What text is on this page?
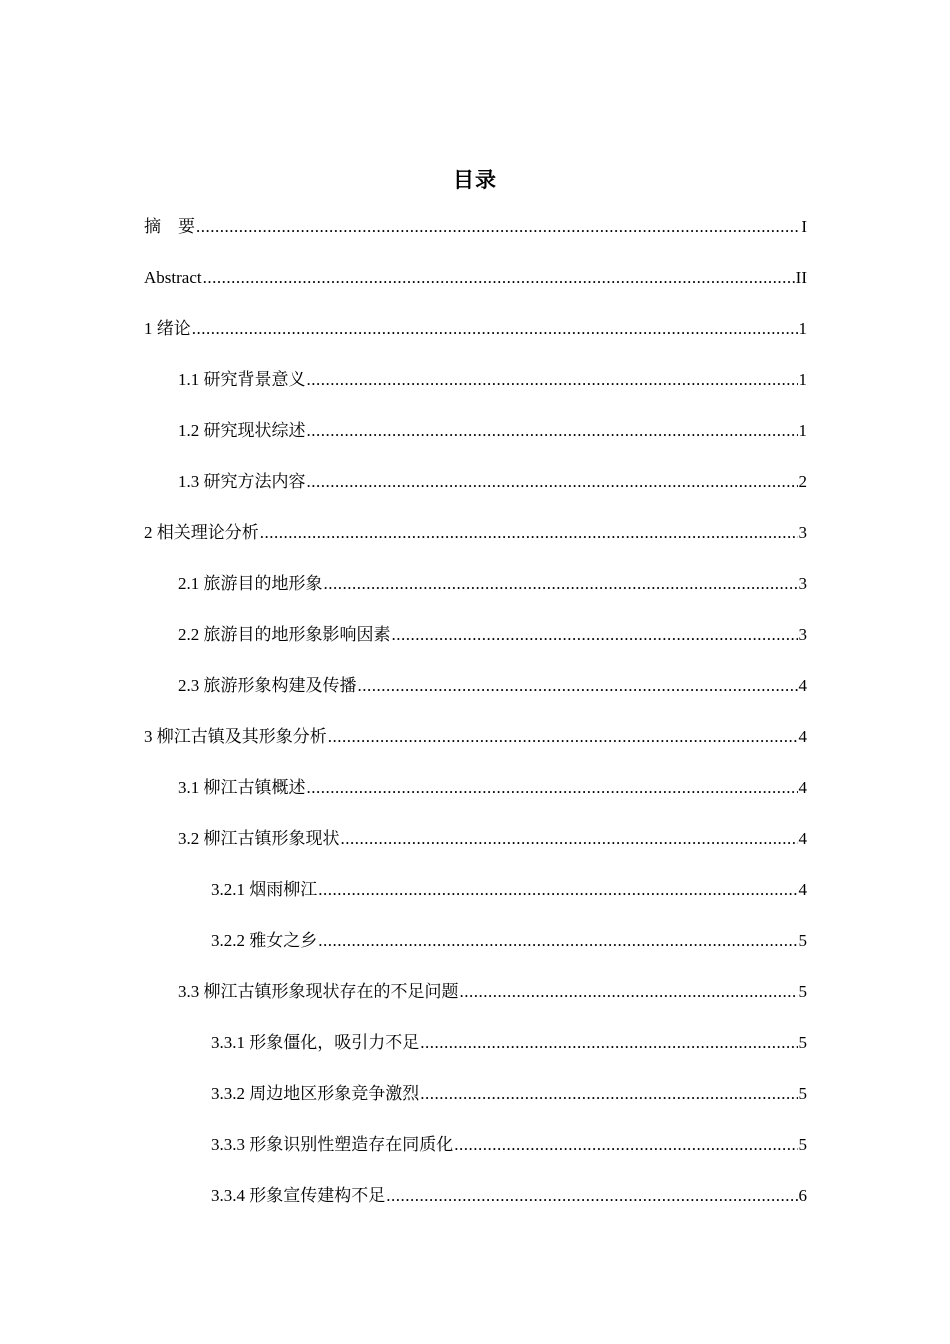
目录
摘　要 .....	I
Abstract .....	II
1 绪论 .....	1
1.1 研究背景意义 .....	1
1.2 研究现状综述 .....	1
1.3 研究方法内容 .....	2
2 相关理论分析 .....	3
2.1 旅游目的地形象 .....	3
2.2 旅游目的地形象影响因素 .....	3
2.3 旅游形象构建及传播 .....	4
3 柳江古镇及其形象分析 .....	4
3.1 柳江古镇概述 .....	4
3.2 柳江古镇形象现状 .....	4
3.2.1 烟雨柳江 .....	4
3.2.2 雅女之乡 .....	5
3.3 柳江古镇形象现状存在的不足问题 .....	5
3.3.1 形象僵化，吸引力不足 .....	5
3.3.2 周边地区形象竞争激烈 .....	5
3.3.3 形象识别性塑造存在同质化 .....	5
3.3.4 形象宣传建构不足 .....	6
